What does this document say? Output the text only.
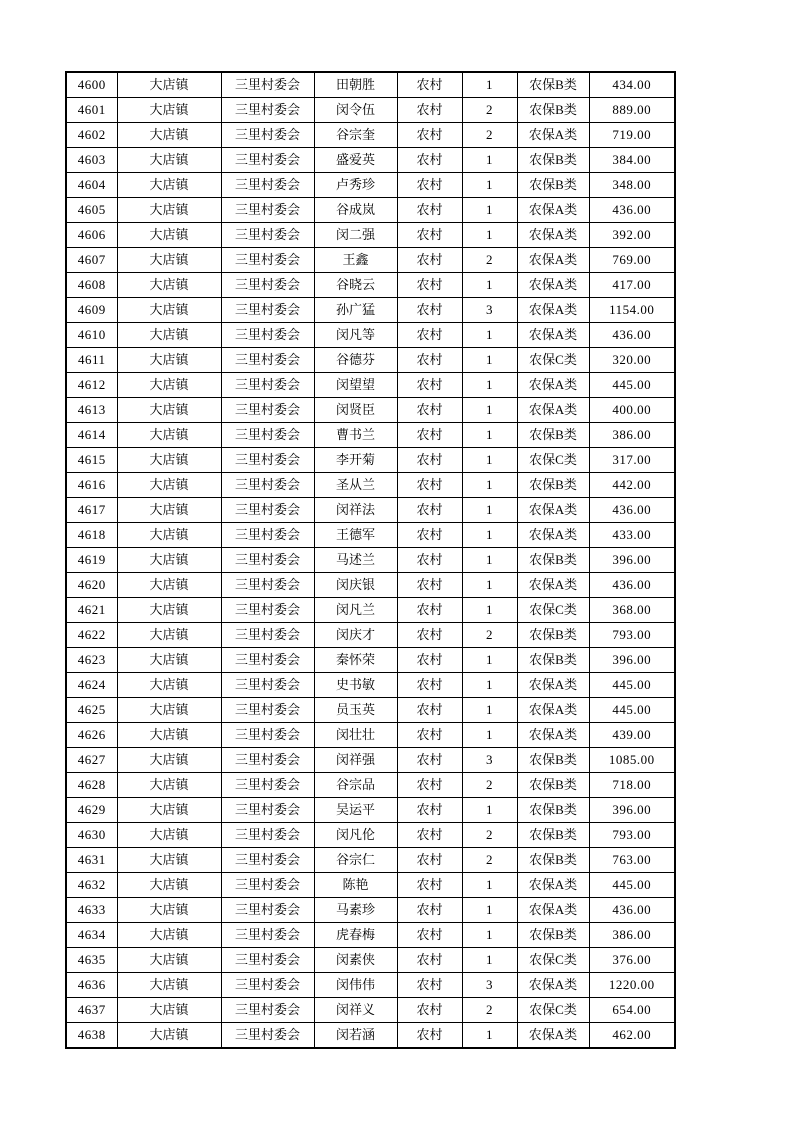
4600	大店镇	三里村委会	田朝胜	农村	1	农保B类	434.00
4601	大店镇	三里村委会	闵令伍	农村	2	农保B类	889.00
4602	大店镇	三里村委会	谷宗奎	农村	2	农保A类	719.00
4603	大店镇	三里村委会	盛爱英	农村	1	农保B类	384.00
4604	大店镇	三里村委会	卢秀珍	农村	1	农保B类	348.00
4605	大店镇	三里村委会	谷成岚	农村	1	农保A类	436.00
4606	大店镇	三里村委会	闵二强	农村	1	农保A类	392.00
4607	大店镇	三里村委会	王鑫	农村	2	农保A类	769.00
4608	大店镇	三里村委会	谷晓云	农村	1	农保A类	417.00
4609	大店镇	三里村委会	孙广猛	农村	3	农保A类	1154.00
4610	大店镇	三里村委会	闵凡等	农村	1	农保A类	436.00
4611	大店镇	三里村委会	谷德芬	农村	1	农保C类	320.00
4612	大店镇	三里村委会	闵望望	农村	1	农保A类	445.00
4613	大店镇	三里村委会	闵贤臣	农村	1	农保A类	400.00
4614	大店镇	三里村委会	曹书兰	农村	1	农保B类	386.00
4615	大店镇	三里村委会	李开菊	农村	1	农保C类	317.00
4616	大店镇	三里村委会	圣从兰	农村	1	农保B类	442.00
4617	大店镇	三里村委会	闵祥法	农村	1	农保A类	436.00
4618	大店镇	三里村委会	王德军	农村	1	农保A类	433.00
4619	大店镇	三里村委会	马述兰	农村	1	农保B类	396.00
4620	大店镇	三里村委会	闵庆银	农村	1	农保A类	436.00
4621	大店镇	三里村委会	闵凡兰	农村	1	农保C类	368.00
4622	大店镇	三里村委会	闵庆才	农村	2	农保B类	793.00
4623	大店镇	三里村委会	秦怀荣	农村	1	农保B类	396.00
4624	大店镇	三里村委会	史书敏	农村	1	农保A类	445.00
4625	大店镇	三里村委会	员玉英	农村	1	农保A类	445.00
4626	大店镇	三里村委会	闵壮壮	农村	1	农保A类	439.00
4627	大店镇	三里村委会	闵祥强	农村	3	农保B类	1085.00
4628	大店镇	三里村委会	谷宗品	农村	2	农保B类	718.00
4629	大店镇	三里村委会	吴运平	农村	1	农保B类	396.00
4630	大店镇	三里村委会	闵凡伦	农村	2	农保B类	793.00
4631	大店镇	三里村委会	谷宗仁	农村	2	农保B类	763.00
4632	大店镇	三里村委会	陈艳	农村	1	农保A类	445.00
4633	大店镇	三里村委会	马素珍	农村	1	农保A类	436.00
4634	大店镇	三里村委会	虎春梅	农村	1	农保B类	386.00
4635	大店镇	三里村委会	闵素侠	农村	1	农保C类	376.00
4636	大店镇	三里村委会	闵伟伟	农村	3	农保A类	1220.00
4637	大店镇	三里村委会	闵祥义	农村	2	农保C类	654.00
4638	大店镇	三里村委会	闵若涵	农村	1	农保A类	462.00
